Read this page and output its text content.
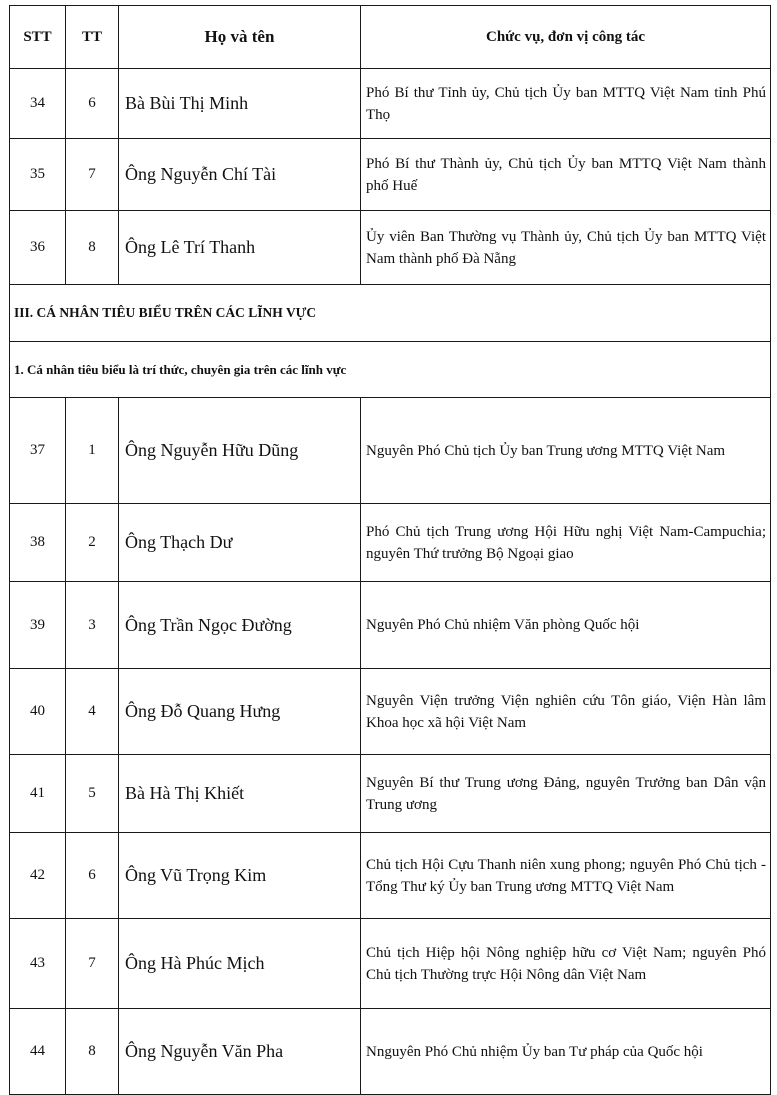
STT	TT	Họ và tên	Chức vụ, đơn vị công tác
34	6	Bà Bùi Thị Minh	Phó Bí thư Tỉnh ủy, Chủ tịch Ủy ban MTTQ Việt Nam tỉnh Phú Thọ
35	7	Ông Nguyễn Chí Tài	Phó Bí thư Thành ủy, Chủ tịch Ủy ban MTTQ Việt Nam thành phố Huế
36	8	Ông Lê Trí Thanh	Ủy viên Ban Thường vụ Thành ủy, Chủ tịch Ủy ban MTTQ Việt Nam thành phố Đà Nẵng
III. CÁ NHÂN TIÊU BIỂU TRÊN CÁC LĨNH VỰC			
1. Cá nhân tiêu biểu là trí thức, chuyên gia trên các lĩnh vực			
37	1	Ông Nguyễn Hữu Dũng	Nguyên Phó Chủ tịch Ủy ban Trung ương MTTQ Việt Nam
38	2	Ông Thạch Dư	Phó Chủ tịch Trung ương Hội Hữu nghị Việt Nam-Campuchia; nguyên Thứ trưởng Bộ Ngoại giao
39	3	Ông Trần Ngọc Đường	Nguyên Phó Chủ nhiệm Văn phòng Quốc hội
40	4	Ông Đỗ Quang Hưng	Nguyên Viện trưởng Viện nghiên cứu Tôn giáo, Viện Hàn lâm Khoa học xã hội Việt Nam
41	5	Bà Hà Thị Khiết	Nguyên Bí thư Trung ương Đảng, nguyên Trưởng ban Dân vận Trung ương
42	6	Ông Vũ Trọng Kim	Chủ tịch Hội Cựu Thanh niên xung phong; nguyên Phó Chủ tịch - Tổng Thư ký Ủy ban Trung ương MTTQ Việt Nam
43	7	Ông Hà Phúc Mịch	Chủ tịch Hiệp hội Nông nghiệp hữu cơ Việt Nam; nguyên Phó Chủ tịch Thường trực Hội Nông dân Việt Nam
44	8	Ông Nguyễn Văn Pha	Nnguyên Phó Chủ nhiệm Ủy ban Tư pháp của Quốc hội
